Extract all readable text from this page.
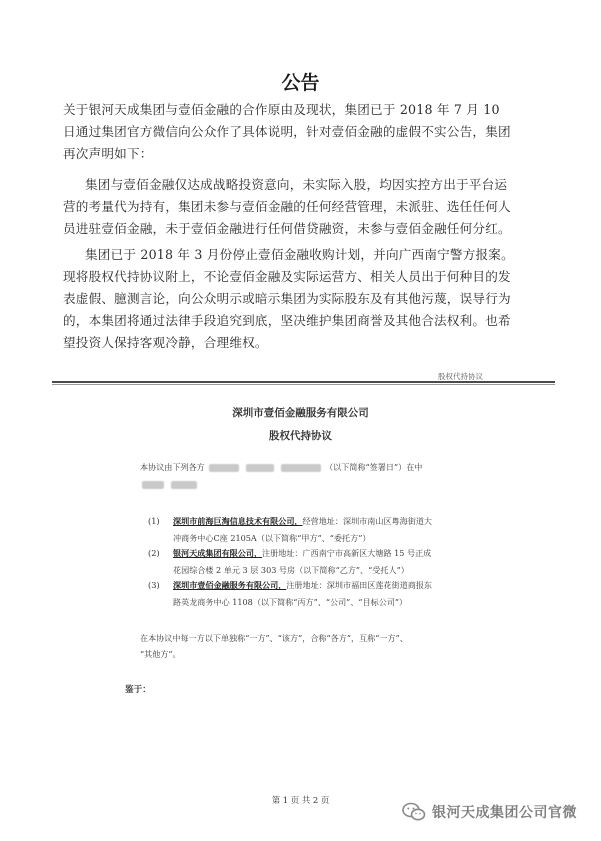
公告

关于银河天成集团与壹佰金融的合作原由及现状，集团已于 2018 年 7 月 10

日通过集团官方微信向公众作了具体说明，针对壹佰金融的虚假不实公告，集团

再次声明如下：

集团与壹佰金融仅达成战略投资意向，未实际入股，均因实控方出于平台运

营的考量代为持有，集团未参与壹佰金融的任何经营管理，未派驻、选任任何人

员进驻壹佰金融，未于壹佰金融进行任何借贷融资，未参与壹佰金融任何分红。

集团已于 2018 年 3 月份停止壹佰金融收购计划，并向广西南宁警方报案。

现将股权代持协议附上，不论壹佰金融及实际运营方、相关人员出于何种目的发

表虚假、臆测言论，向公众明示或暗示集团为实际股东及有其他污蔑，误导行为

的，本集团将通过法律手段追究到底，坚决维护集团商誉及其他合法权利。也希

望投资人保持客观冷静，合理维权。

股权代持协议
深圳市壹佰金融服务有限公司
股权代持协议
本协议由下列各方	（以下简称“签署日”）在中

(1) 深圳市前海巨淘信息技术有限公司，经营地址：深圳市南山区粤海街道大
冲商务中心C座 2105A（以下简称“甲方”、“委托方”）
(2) 银河天成集团有限公司，注册地址：广西南宁市高新区大塘路 15 号正成
花园综合楼 2 单元 3 层 303 号房（以下简称“乙方”、“受托人”）
(3) 深圳市壹佰金融服务有限公司，注册地址：深圳市福田区莲花街道商报东
路英龙商务中心 1108（以下简称“丙方”、“公司”、“目标公司”）
在本协议中每一方以下单独称“一方”、“该方”，合称“各方”，互称“一方”、
“其他方”。
鉴于：
第 1 页 共 2 页
银河天成集团公司官微
